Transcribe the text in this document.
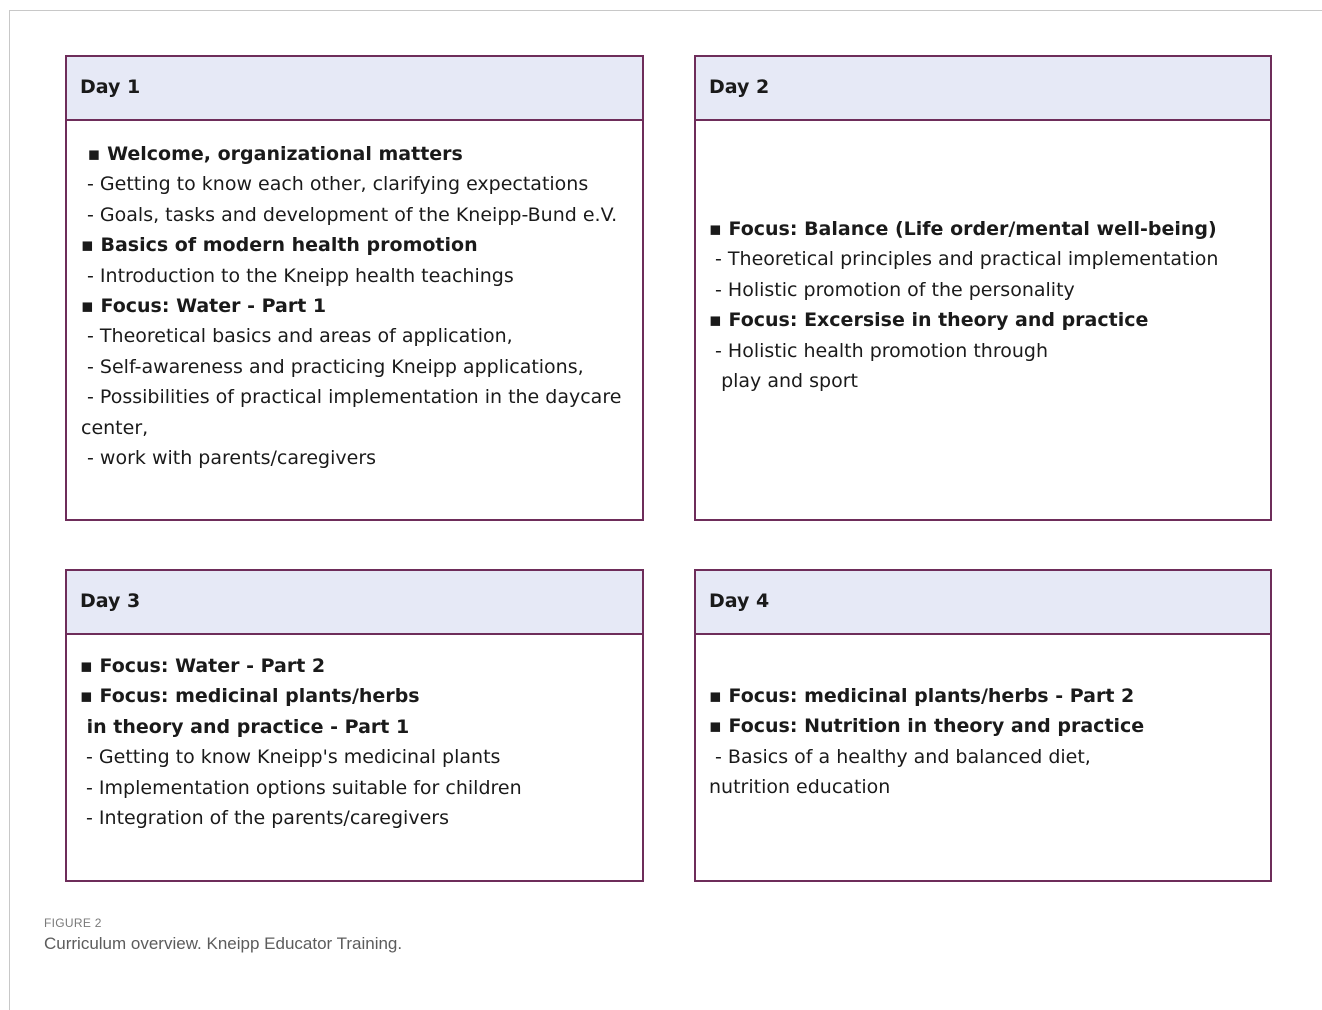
Day 1
▪ Welcome, organizational matters
- Getting to know each other, clarifying expectations
- Goals, tasks and development of the Kneipp-Bund e.V.
▪ Basics of modern health promotion
- Introduction to the Kneipp health teachings
▪ Focus: Water - Part 1
- Theoretical basics and areas of application,
- Self-awareness and practicing Kneipp applications,
- Possibilities of practical implementation in the daycare
center,
- work with parents/caregivers
Day 2
▪ Focus: Balance (Life order/mental well-being)
- Theoretical principles and practical implementation
- Holistic promotion of the personality
▪ Focus: Excersise in theory and practice
- Holistic health promotion through
play and sport
Day 3
▪ Focus: Water - Part 2
▪ Focus: medicinal plants/herbs
in theory and practice - Part 1
- Getting to know Kneipp's medicinal plants
- Implementation options suitable for children
- Integration of the parents/caregivers
Day 4
▪ Focus: medicinal plants/herbs - Part 2
▪ Focus: Nutrition in theory and practice
- Basics of a healthy and balanced diet,
nutrition education
FIGURE 2
Curriculum overview. Kneipp Educator Training.
